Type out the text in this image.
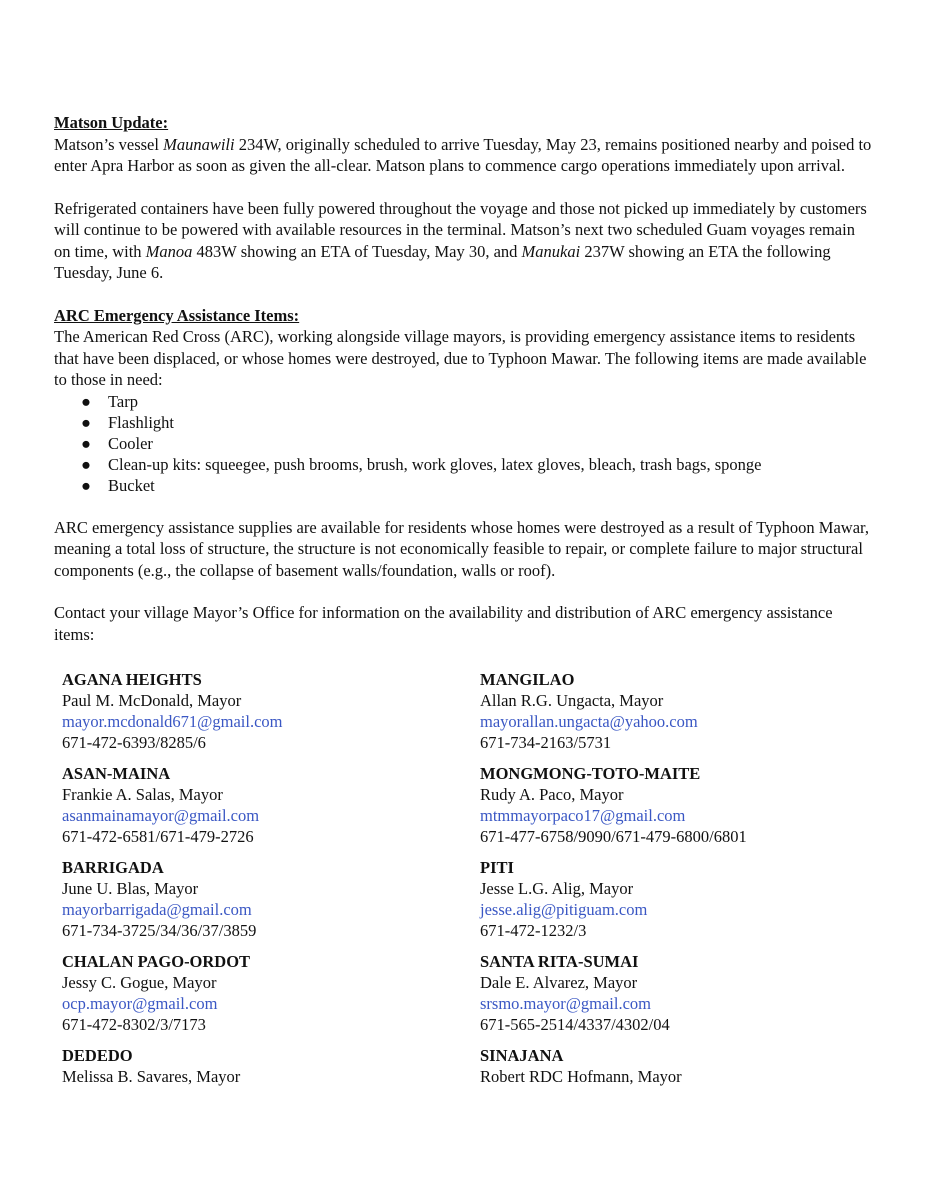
Matson Update:
Matson’s vessel Maunawili 234W, originally scheduled to arrive Tuesday, May 23, remains positioned nearby and poised to enter Apra Harbor as soon as given the all-clear. Matson plans to commence cargo operations immediately upon arrival.

Refrigerated containers have been fully powered throughout the voyage and those not picked up immediately by customers will continue to be powered with available resources in the terminal. Matson’s next two scheduled Guam voyages remain on time, with Manoa 483W showing an ETA of Tuesday, May 30, and Manukai 237W showing an ETA the following Tuesday, June 6.

ARC Emergency Assistance Items:
The American Red Cross (ARC), working alongside village mayors, is providing emergency assistance items to residents that have been displaced, or whose homes were destroyed, due to Typhoon Mawar. The following items are made available to those in need:

● Tarp
● Flashlight
● Cooler
● Clean-up kits: squeegee, push brooms, brush, work gloves, latex gloves, bleach, trash bags, sponge
● Bucket

ARC emergency assistance supplies are available for residents whose homes were destroyed as a result of Typhoon Mawar, meaning a total loss of structure, the structure is not economically feasible to repair, or complete failure to major structural components (e.g., the collapse of basement walls/foundation, walls or roof).

Contact your village Mayor’s Office for information on the availability and distribution of ARC emergency assistance items:

AGANA HEIGHTS
Paul M. McDonald, Mayor
mayor.mcdonald671@gmail.com
671-472-6393/8285/6
MANGILAO
Allan R.G. Ungacta, Mayor
mayorallan.ungacta@yahoo.com
671-734-2163/5731
ASAN-MAINA
Frankie A. Salas, Mayor
asanmainamayor@gmail.com
671-472-6581/671-479-2726
MONGMONG-TOTO-MAITE
Rudy A. Paco, Mayor
mtmmayorpaco17@gmail.com
671-477-6758/9090/671-479-6800/6801
BARRIGADA
June U. Blas, Mayor
mayorbarrigada@gmail.com
671-734-3725/34/36/37/3859
PITI
Jesse L.G. Alig, Mayor
jesse.alig@pitiguam.com
671-472-1232/3
CHALAN PAGO-ORDOT
Jessy C. Gogue, Mayor
ocp.mayor@gmail.com
671-472-8302/3/7173
SANTA RITA-SUMAI
Dale E. Alvarez, Mayor
srsmo.mayor@gmail.com
671-565-2514/4337/4302/04
DEDEDO
Melissa B. Savares, Mayor
SINAJANA
Robert RDC Hofmann, Mayor
